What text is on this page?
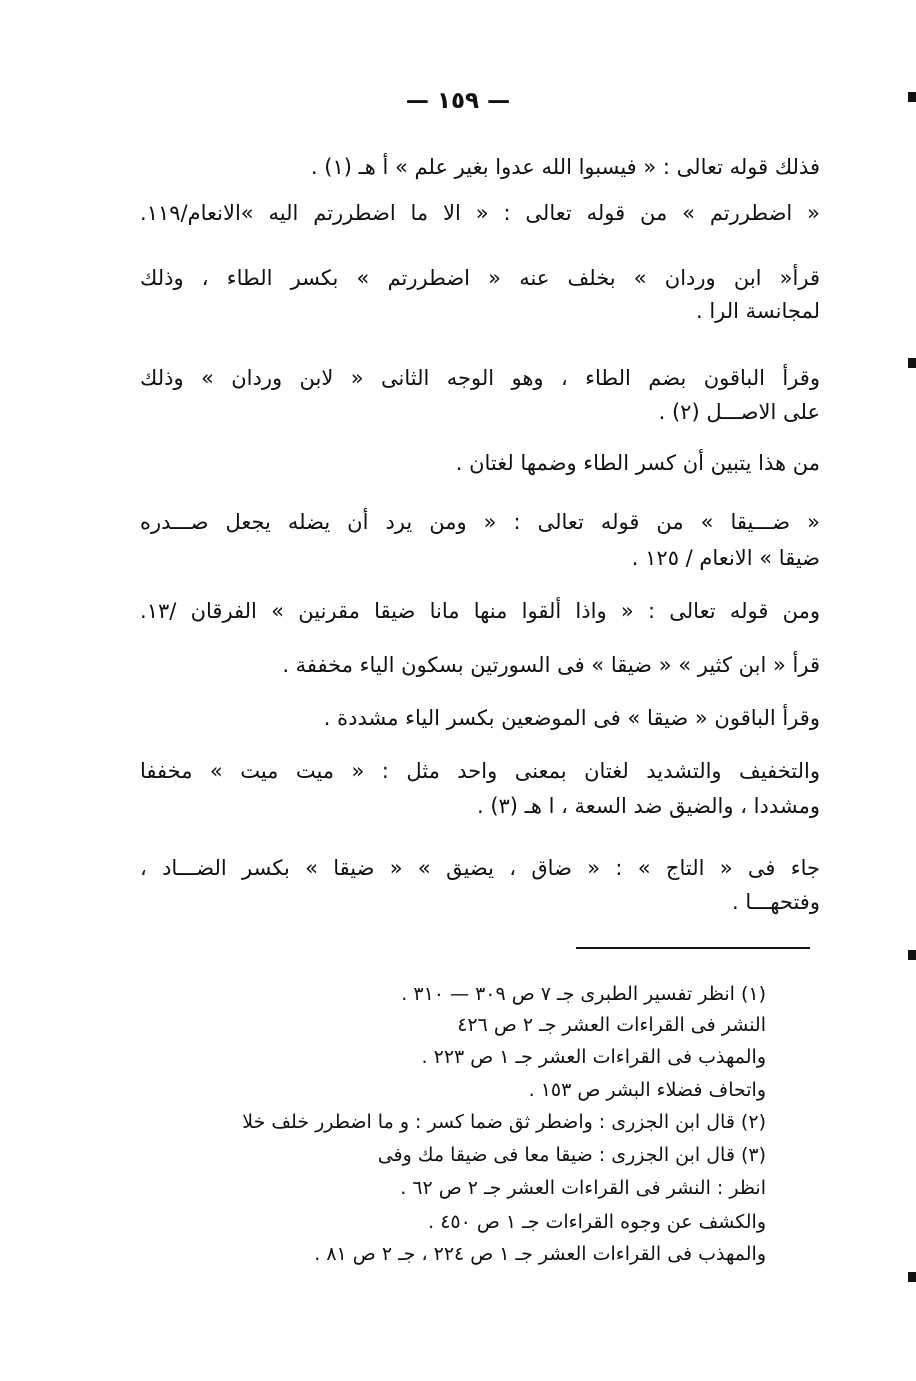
— ١٥٩ —
فذلك قوله تعالى : « فيسبوا الله عدوا بغير علم » أ هـ (١) .
« اضطررتم » من قوله تعالى : « الا ما اضطررتم اليه »الانعام/١١٩.
قرأ« ابن وردان » بخلف عنه « اضطررتم » بكسر الطاء ، وذلك
لمجانسة الرا .
وقرأ الباقون بضم الطاء ، وهو الوجه الثانى « لابن وردان » وذلك
على الاصـــل (٢) .
من هذا يتبين أن كسر الطاء وضمها لغتان .
« ضـــيقا » من قوله تعالى : « ومن يرد أن يضله يجعل صـــدره
ضيقا » الانعام / ١٢٥ .
ومن قوله تعالى : « واذا ألقوا منها مانا ضيقا مقرنين » الفرقان /١٣.
قرأ « ابن كثير » « ضيقا » فى السورتين بسكون الياء مخففة .
وقرأ الباقون « ضيقا » فى الموضعين بكسر الياء مشددة .
والتخفيف والتشديد لغتان بمعنى واحد مثل : « ميت ميت » مخففا
ومشددا ، والضيق ضد السعة ، ا هـ (٣) .
جاء فى « التاج » : « ضاق ، يضيق » « ضيقا » بكسر الضـــاد ،
وفتحهـــا .
(١) انظر تفسير الطبرى جـ ٧ ص ٣٠٩ — ٣١٠ .
النشر فى القراءات العشر جـ ٢ ص ٤٢٦
والمهذب فى القراءات العشر جـ ١ ص ٢٢٣ .
واتحاف فضلاء البشر ص ١٥٣ .
(٢) قال ابن الجزرى : واضطر ثق ضما كسر : و ما اضطرر خلف خلا
(٣) قال ابن الجزرى : ضيقا معا فى ضيقا مك وفى
انظر : النشر فى القراءات العشر جـ ٢ ص ٦٢ .
والكشف عن وجوه القراءات جـ ١ ص ٤٥٠ .
والمهذب فى القراءات العشر جـ ١ ص ٢٢٤ ، جـ ٢ ص ٨١ .
